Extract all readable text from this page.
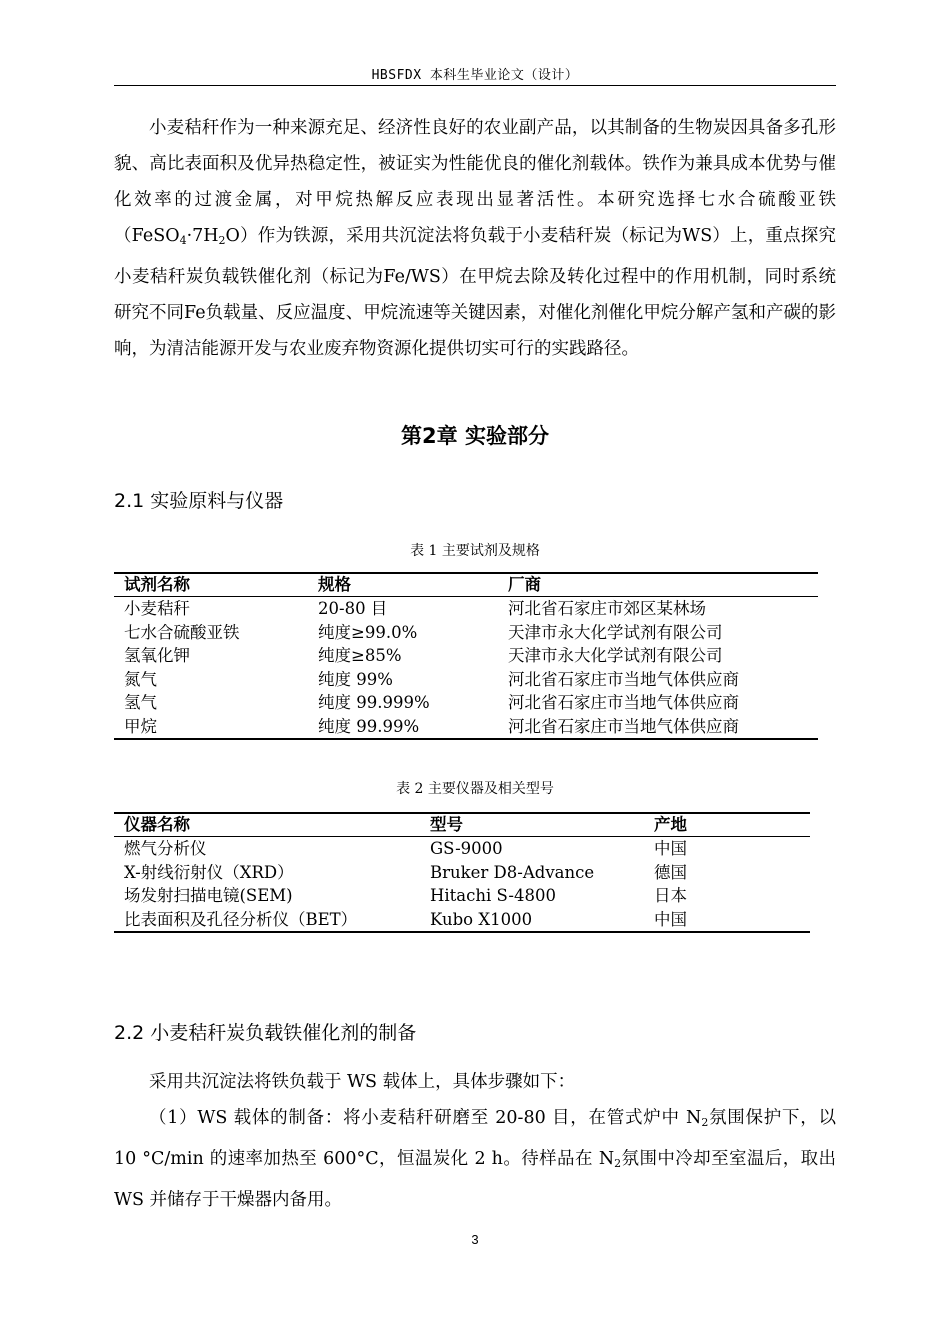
HBSFDX 本科生毕业论文（设计）
小麦秸秆作为一种来源充足、经济性良好的农业副产品，以其制备的生物炭因具备多孔形貌、高比表面积及优异热稳定性，被证实为性能优良的催化剂载体。铁作为兼具成本优势与催化效率的过渡金属，对甲烷热解反应表现出显著活性。本研究选择七水合硫酸亚铁$(FeSO_4\cdot 7H_2O)$作为铁源，采用共沉淀法将负载于小麦秸秆炭（标记为WS）上，重点探究小麦秸秆炭负载铁催化剂（标记为Fe/WS）在甲烷去除及转化过程中的作用机制，同时系统研究不同Fe负载量、反应温度、甲烷流速等关键因素，对催化剂催化甲烷分解产氢和产碳的影响，为清洁能源开发与农业废弃物资源化提供切实可行的实践路径。
第2章 实验部分
2.1 实验原料与仪器
表 1 主要试剂及规格
试剂名称	规格	厂商
小麦秸秆	20-80 目	河北省石家庄市郊区某林场
七水合硫酸亚铁	纯度≥99.0%	天津市永大化学试剂有限公司
氢氧化钾	纯度≥85%	天津市永大化学试剂有限公司
氮气	纯度 99%	河北省石家庄市当地气体供应商
氢气	纯度 99.999%	河北省石家庄市当地气体供应商
甲烷	纯度 99.99%	河北省石家庄市当地气体供应商
表 2 主要仪器及相关型号
仪器名称	型号	产地
燃气分析仪	GS-9000	中国
X-射线衍射仪（XRD）	Bruker D8-Advance	德国
场发射扫描电镜(SEM)	Hitachi S-4800	日本
比表面积及孔径分析仪（BET）	Kubo X1000	中国
2.2 小麦秸秆炭负载铁催化剂的制备
采用共沉淀法将铁负载于 WS 载体上，具体步骤如下：
（1）WS 载体的制备：将小麦秸秆研磨至 20-80 目，在管式炉中 $N_2$氛围保护下，以 10 °C/min 的速率加热至 600°C，恒温炭化 2 h。待样品在 $N_2$氛围中冷却至室温后，取出 WS 并储存于干燥器内备用。
3
